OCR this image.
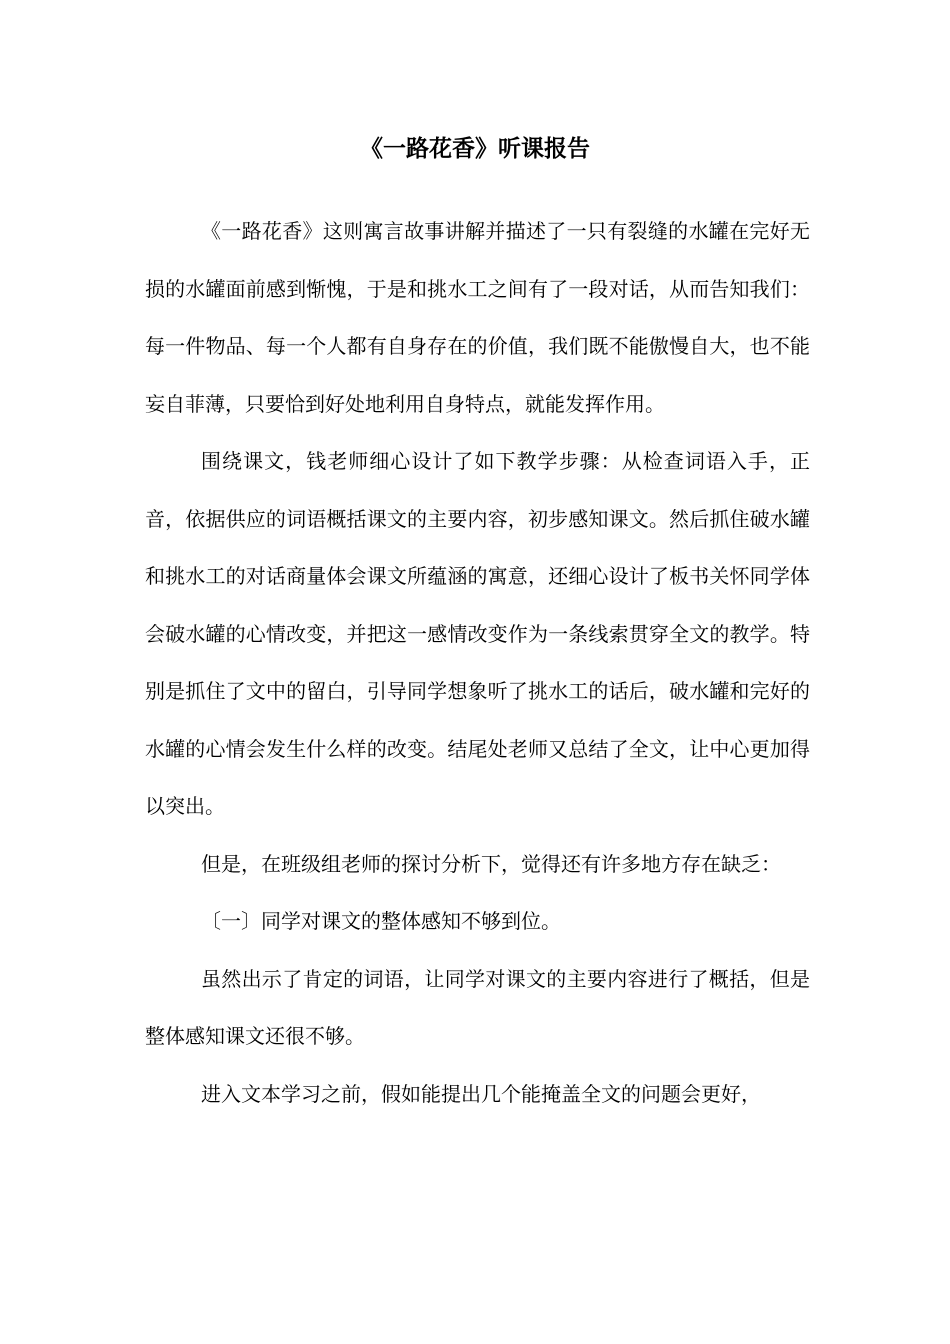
《一路花香》听课报告

《一路花香》这则寓言故事讲解并描述了一只有裂缝的水罐在完好无损的水罐面前感到惭愧，于是和挑水工之间有了一段对话，从而告知我们：每一件物品、每一个人都有自身存在的价值，我们既不能傲慢自大，也不能妄自菲薄，只要恰到好处地利用自身特点，就能发挥作用。

围绕课文，钱老师细心设计了如下教学步骤：从检查词语入手，正音，依据供应的词语概括课文的主要内容，初步感知课文。然后抓住破水罐和挑水工的对话商量体会课文所蕴涵的寓意，还细心设计了板书关怀同学体会破水罐的心情改变，并把这一感情改变作为一条线索贯穿全文的教学。特别是抓住了文中的留白，引导同学想象听了挑水工的话后，破水罐和完好的水罐的心情会发生什么样的改变。结尾处老师又总结了全文，让中心更加得以突出。

但是，在班级组老师的探讨分析下，觉得还有许多地方存在缺乏：

〔一〕同学对课文的整体感知不够到位。

虽然出示了肯定的词语，让同学对课文的主要内容进行了概括，但是整体感知课文还很不够。

进入文本学习之前，假如能提出几个能掩盖全文的问题会更好，
